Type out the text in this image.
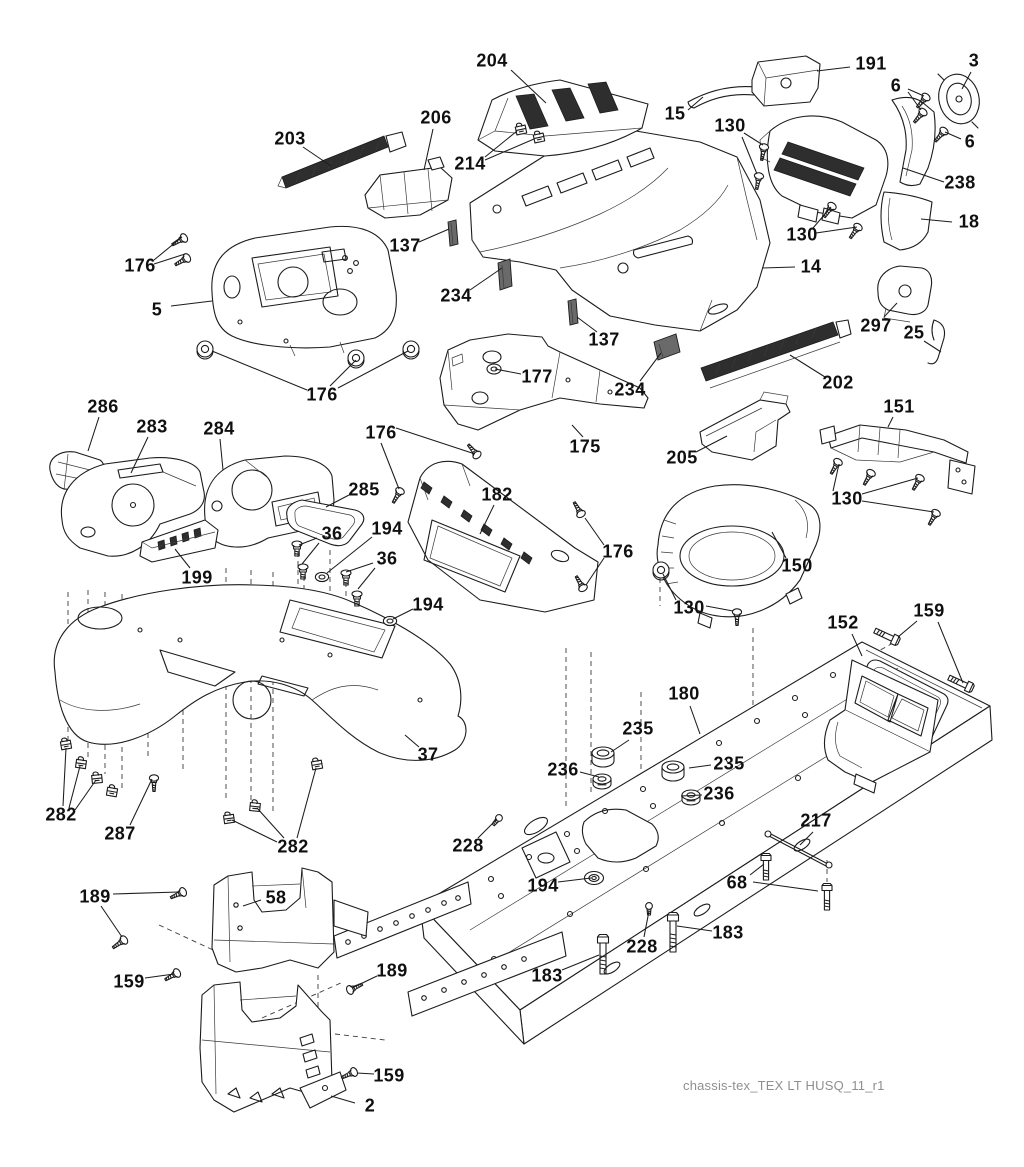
204	191	3
6
15
130
206
203
214
6
238
18
130
137
176	14
234
5
297 25
137
202
177
234
175
205
151
286
283 284
176
176
285	182
36 194
36	176
199
194
150
130
130
152
159
180
235
236	235
236
37
282
287
282	228
194
217
68
228
183
183
189	58
159
189
159
2
chassis-tex_TEX LT HUSQ_11_r1
